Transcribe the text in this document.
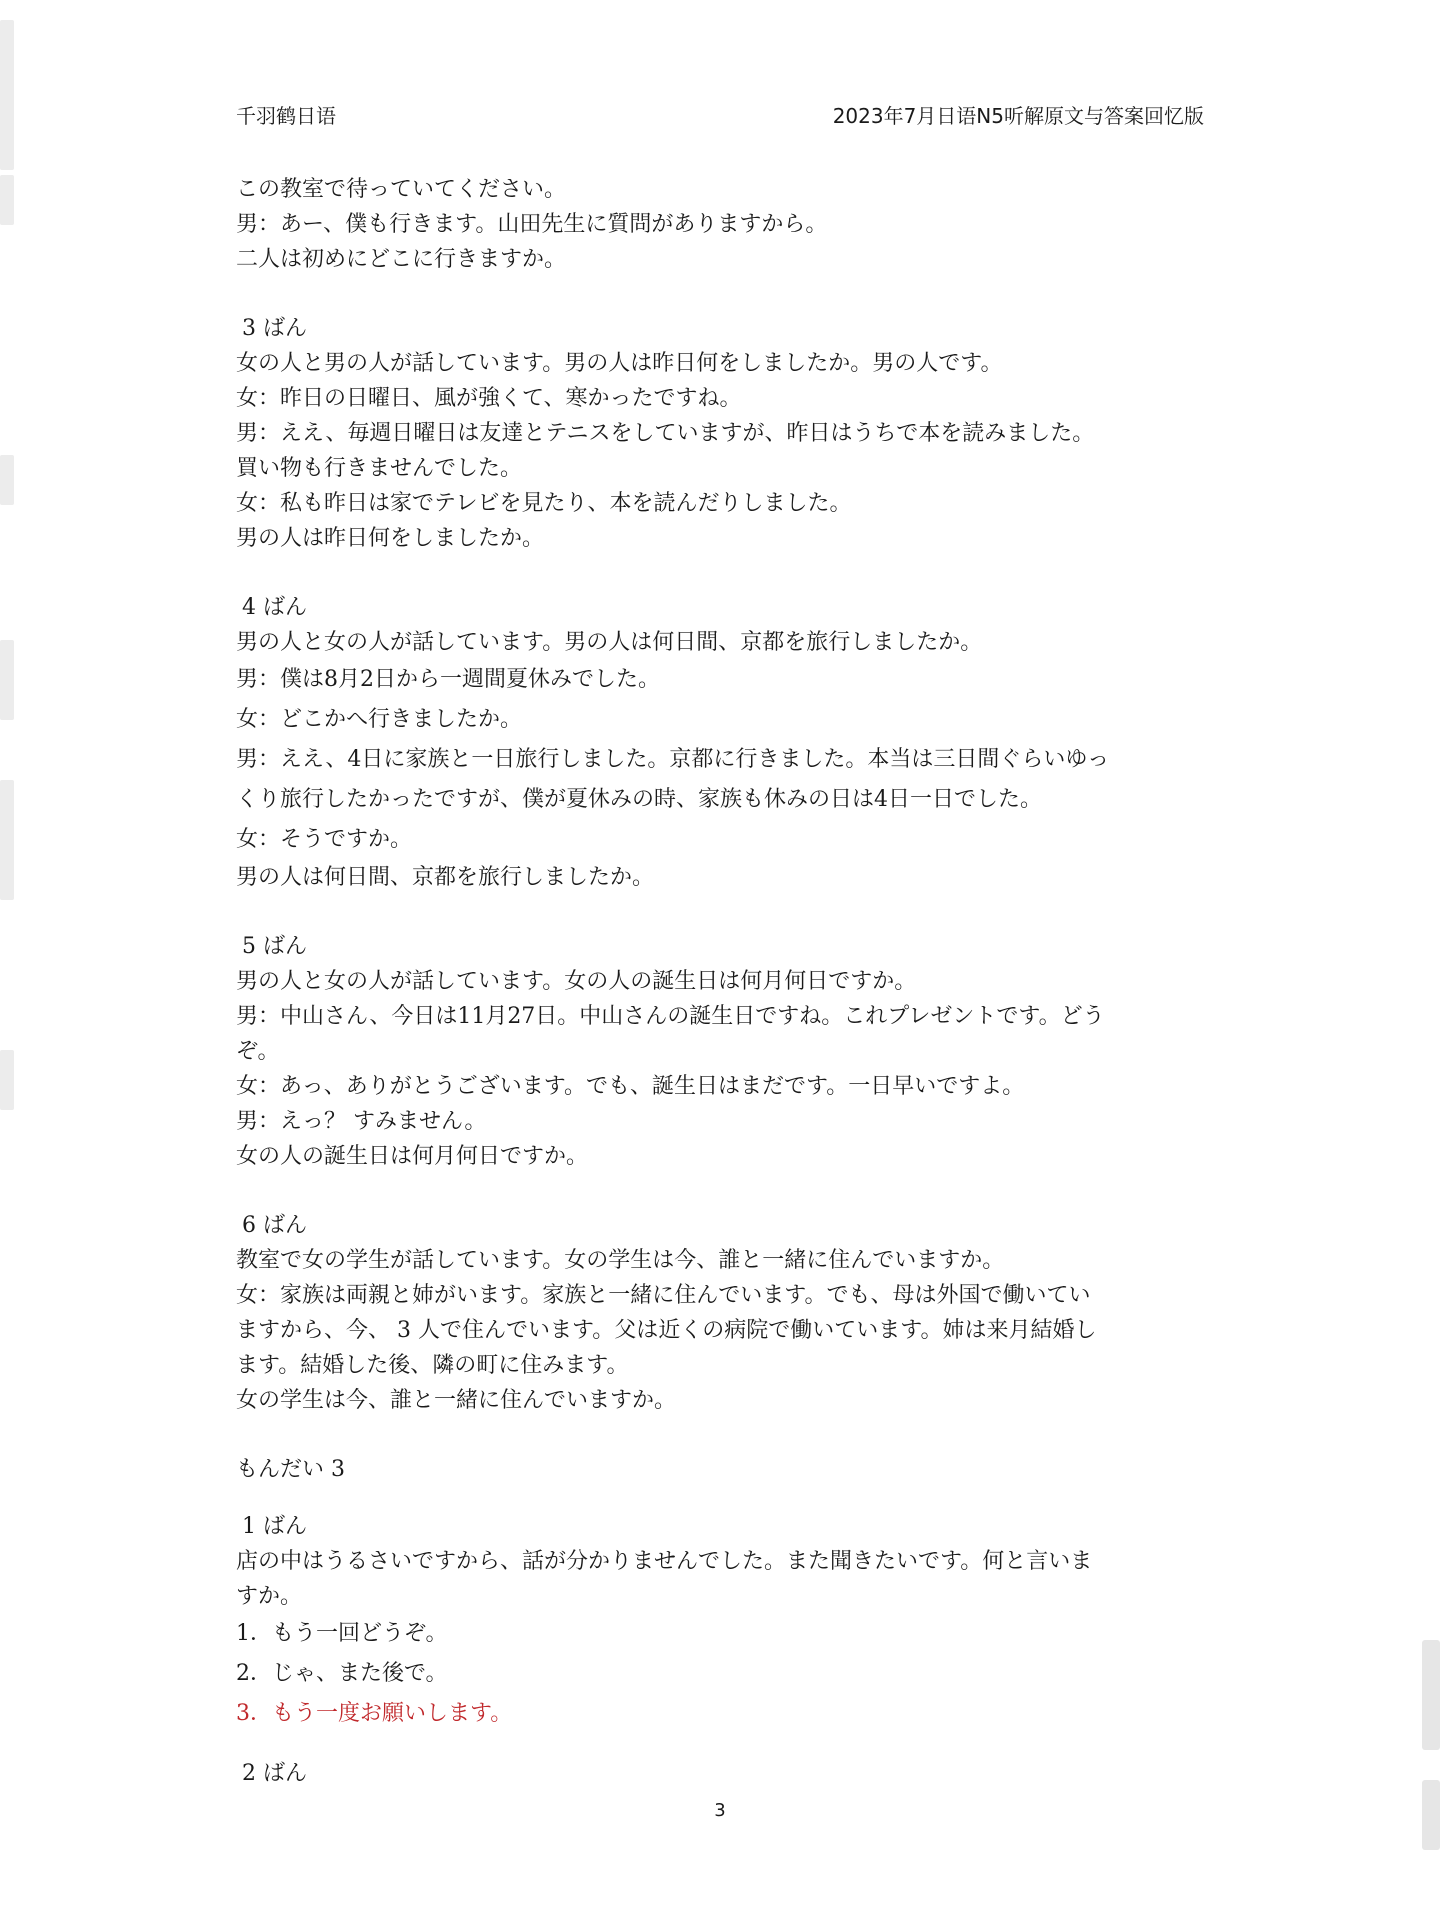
千羽鹤日语	2023年7月日语N5听解原文与答案回忆版
この教室で待っていてください。
男：あー、僕も行きます。山田先生に質問がありますから。
二人は初めにどこに行きますか。
3 ばん
女の人と男の人が話しています。男の人は昨日何をしましたか。男の人です。
女：昨日の日曜日、風が強くて、寒かったですね。
男：ええ、毎週日曜日は友達とテニスをしていますが、昨日はうちで本を読みました。
買い物も行きませんでした。
女：私も昨日は家でテレビを見たり、本を読んだりしました。
男の人は昨日何をしましたか。
4 ばん
男の人と女の人が話しています。男の人は何日間、京都を旅行しましたか。
男：僕は8月2日から一週間夏休みでした。
女：どこかへ行きましたか。
男：ええ、4日に家族と一日旅行しました。京都に行きました。本当は三日間ぐらいゆっ
くり旅行したかったですが、僕が夏休みの時、家族も休みの日は4日一日でした。
女：そうですか。
男の人は何日間、京都を旅行しましたか。
5 ばん
男の人と女の人が話しています。女の人の誕生日は何月何日ですか。
男：中山さん、今日は11月27日。中山さんの誕生日ですね。これプレゼントです。どう
ぞ。
女：あっ、ありがとうございます。でも、誕生日はまだです。一日早いですよ。
男：えっ？ すみません。
女の人の誕生日は何月何日ですか。
6 ばん
教室で女の学生が話しています。女の学生は今、誰と一緒に住んでいますか。
女：家族は両親と姉がいます。家族と一緒に住んでいます。でも、母は外国で働いてい
ますから、今、 3 人で住んでいます。父は近くの病院で働いています。姉は来月結婚し
ます。結婚した後、隣の町に住みます。
女の学生は今、誰と一緒に住んでいますか。
もんだい 3
1 ばん
店の中はうるさいですから、話が分かりませんでした。また聞きたいです。何と言いま
すか。
1．もう一回どうぞ。
2．じゃ、また後で。
3．もう一度お願いします。
2 ばん
3
